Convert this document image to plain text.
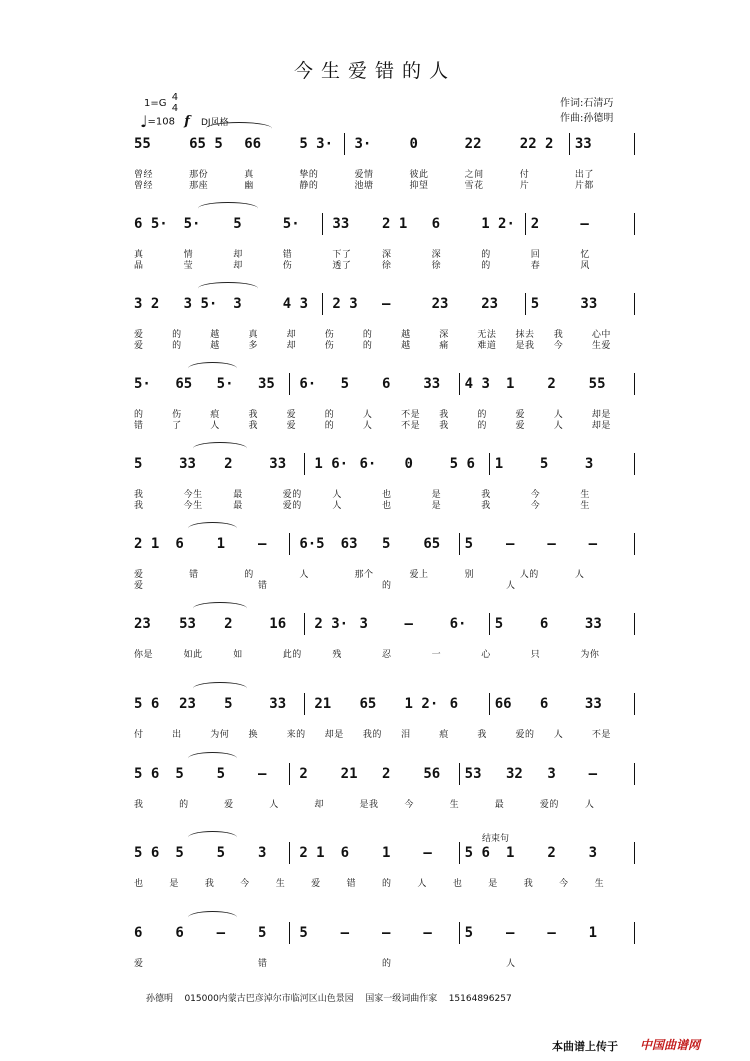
今生爱错的人
1=G 4
4
♩=108 f DJ风格
作词:石清巧
作曲:孙德明
55	65 5 66	5 3· 3·	0	22	22 2 33
曾经	那份	真	挚的	爱情	彼此	之间	付	出了
曾经	那座	幽	静的	池塘	抑望	雪花	片	片都
6 5· 5· 5	5· 33 2 1 6	1 2· 2	—
真	情	却	错	下了	深	深	的	回	忆
晶	莹	却	伤	透了	徐	徐	的	春	风
3 2 3 5· 3	4 3 2 3 —	23 23 5	33
爱	的	越	真	却	伤	的	越	深	无法 抹去 我	心中
爱	的	越	多	却	伤	的	越	痛	难道 是我 今	生爱
5· 65 5· 35 6· 5 6 33 4 3 1 2 55
的	伤	痕	我	爱	的	人	不是 我	的	爱	人	却是
错	了	人	我	爱	的	人	不是 我	的	爱	人	却是
5	33 2	33 1 6· 6· 0	5 6 1	5	3
我	今生	最	爱的	人	也	是	我	今	生
我	今生	最	爱的	人	也	是	我	今	生
2 1 6 1 — 6·5 63 5 65 5 — — —
爱	错	的	人	那个	爱上	别	人的	人
爱	错	的	人
23 53 2	16 2 3· 3	—	6· 5	6	33
你是	如此	如	此的	残	忍	一	心	只	为你
5 6 23 5	33 21 65 1 2· 6	66 6	33
付	出	为何 换	来的 却是 我的 泪	痕	我	爱的 人	不是
5 6 5 5 — 2 21 2 56 53 32 3 —
我	的	爱	人	却	是我	今	生	最	爱的	人
结束句
5 6 5 5 3 2 1 6 1 — 5 6 1 2 3
也	是	我	今	生	爱	错	的	人	也	是	我	今	生
6 6 — 5 5 — — — 5 — — 1
爱	错	的	人
孙德明    015000内蒙古巴彦淖尔市临河区山色景园    国家一级词曲作家    15164896257
本曲谱上传于 中国曲谱网
